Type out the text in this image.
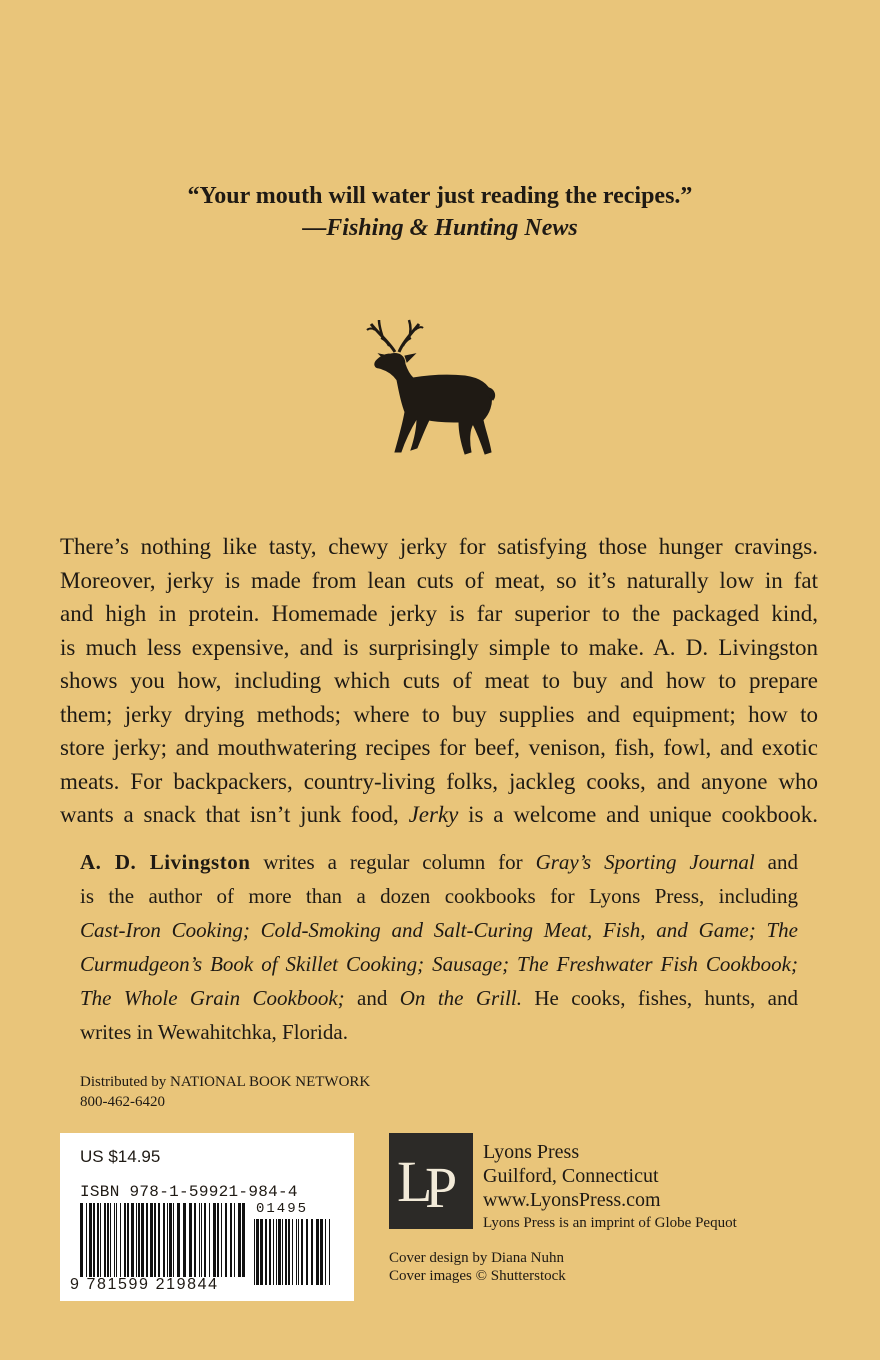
“Your mouth will water just reading the recipes.”
—Fishing & Hunting News
There’s nothing like tasty, chewy jerky for satisfying those hunger cravings.
Moreover, jerky is made from lean cuts of meat, so it’s naturally low in fat
and high in protein. Homemade jerky is far superior to the packaged kind,
is much less expensive, and is surprisingly simple to make. A. D. Livingston
shows you how, including which cuts of meat to buy and how to prepare
them; jerky drying methods; where to buy supplies and equipment; how to
store jerky; and mouthwatering recipes for beef, venison, fish, fowl, and exotic
meats. For backpackers, country-living folks, jackleg cooks, and anyone who
wants a snack that isn’t junk food, Jerky is a welcome and unique cookbook.
A. D. Livingston writes a regular column for Gray’s Sporting Journal and
is the author of more than a dozen cookbooks for Lyons Press, including
Cast-Iron Cooking; Cold-Smoking and Salt-Curing Meat, Fish, and Game; The
Curmudgeon’s Book of Skillet Cooking; Sausage; The Freshwater Fish Cookbook;
The Whole Grain Cookbook; and On the Grill. He cooks, fishes, hunts, and
writes in Wewahitchka, Florida.
Distributed by NATIONAL BOOK NETWORK
800-462-6420
US $14.95
ISBN 978-1-59921-984-4
01495
9 781599 219844
L
P
Lyons Press
Guilford, Connecticut
www.LyonsPress.com
Lyons Press is an imprint of Globe Pequot
Cover design by Diana Nuhn
Cover images © Shutterstock
